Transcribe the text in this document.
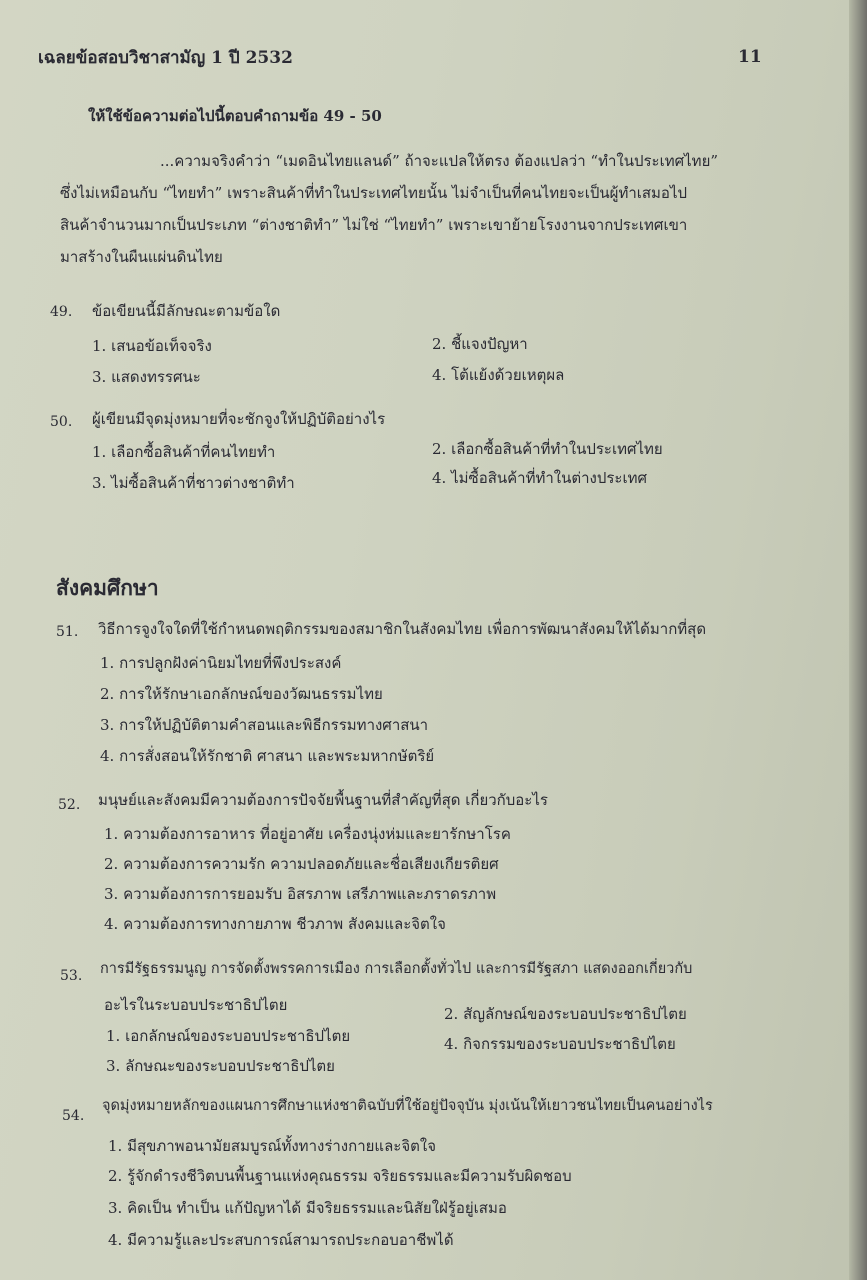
เฉลยข้อสอบวิชาสามัญ 1 ปี 2532	11
ให้ใช้ข้อความต่อไปนี้ตอบคำถามข้อ 49 - 50
...ความจริงคำว่า “เมดอินไทยแลนด์” ถ้าจะแปลให้ตรง ต้องแปลว่า “ทำในประเทศไทย”
ซึ่งไม่เหมือนกับ “ไทยทำ” เพราะสินค้าที่ทำในประเทศไทยนั้น ไม่จำเป็นที่คนไทยจะเป็นผู้ทำเสมอไป
สินค้าจำนวนมากเป็นประเภท “ต่างชาติทำ” ไม่ใช่ “ไทยทำ” เพราะเขาย้ายโรงงานจากประเทศเขา
มาสร้างในผืนแผ่นดินไทย
49. ข้อเขียนนี้มีลักษณะตามข้อใด
1. เสนอข้อเท็จจริง	2. ชี้แจงปัญหา
3. แสดงทรรศนะ	4. โต้แย้งด้วยเหตุผล
50. ผู้เขียนมีจุดมุ่งหมายที่จะชักจูงให้ปฏิบัติอย่างไร
1. เลือกซื้อสินค้าที่คนไทยทำ	2. เลือกซื้อสินค้าที่ทำในประเทศไทย
3. ไม่ซื้อสินค้าที่ชาวต่างชาติทำ	4. ไม่ซื้อสินค้าที่ทำในต่างประเทศ
สังคมศึกษา
51. วิธีการจูงใจใดที่ใช้กำหนดพฤติกรรมของสมาชิกในสังคมไทย เพื่อการพัฒนาสังคมให้ได้มากที่สุด
1. การปลูกฝังค่านิยมไทยที่พึงประสงค์
2. การให้รักษาเอกลักษณ์ของวัฒนธรรมไทย
3. การให้ปฏิบัติตามคำสอนและพิธีกรรมทางศาสนา
4. การสั่งสอนให้รักชาติ ศาสนา และพระมหากษัตริย์
52. มนุษย์และสังคมมีความต้องการปัจจัยพื้นฐานที่สำคัญที่สุด เกี่ยวกับอะไร
1. ความต้องการอาหาร ที่อยู่อาศัย เครื่องนุ่งห่มและยารักษาโรค
2. ความต้องการความรัก ความปลอดภัยและชื่อเสียงเกียรติยศ
3. ความต้องการการยอมรับ อิสรภาพ เสรีภาพและภราดรภาพ
4. ความต้องการทางกายภาพ ชีวภาพ สังคมและจิตใจ
53. การมีรัฐธรรมนูญ การจัดตั้งพรรคการเมือง การเลือกตั้งทั่วไป และการมีรัฐสภา แสดงออกเกี่ยวกับ
อะไรในระบอบประชาธิปไตย
1. เอกลักษณ์ของระบอบประชาธิปไตย
2. สัญลักษณ์ของระบอบประชาธิปไตย
3. ลักษณะของระบอบประชาธิปไตย
4. กิจกรรมของระบอบประชาธิปไตย
54.
จุดมุ่งหมายหลักของแผนการศึกษาแห่งชาติฉบับที่ใช้อยู่ปัจจุบัน มุ่งเน้นให้เยาวชนไทยเป็นคนอย่างไร
1. มีสุขภาพอนามัยสมบูรณ์ทั้งทางร่างกายและจิตใจ
2. รู้จักดำรงชีวิตบนพื้นฐานแห่งคุณธรรม จริยธรรมและมีความรับผิดชอบ
3. คิดเป็น ทำเป็น แก้ปัญหาได้ มีจริยธรรมและนิสัยใฝ่รู้อยู่เสมอ
4. มีความรู้และประสบการณ์สามารถประกอบอาชีพได้
